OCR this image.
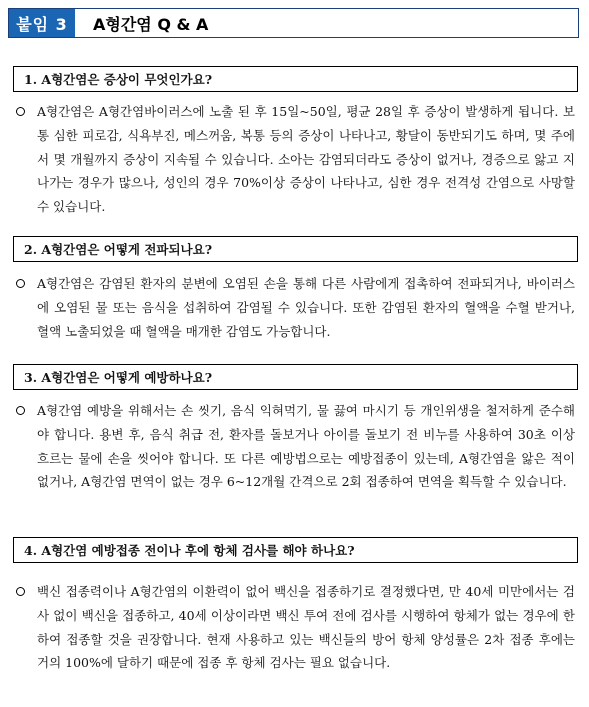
붙임 3	A형간염 Q & A
1. A형간염은 증상이 무엇인가요?
A형간염은 A형간염바이러스에 노출 된 후 15일~50일, 평균 28일 후 증상이 발생하게 됩니다. 보통 심한 피로감, 식욕부진, 메스꺼움, 복통 등의 증상이 나타나고, 황달이 동반되기도 하며, 몇 주에서 몇 개월까지 증상이 지속될 수 있습니다. 소아는 감염되더라도 증상이 없거나, 경증으로 앓고 지나가는 경우가 많으나, 성인의 경우 70%이상 증상이 나타나고, 심한 경우 전격성 간염으로 사망할 수 있습니다.
2. A형간염은 어떻게 전파되나요?
A형간염은 감염된 환자의 분변에 오염된 손을 통해 다른 사람에게 접촉하여 전파되거나, 바이러스에 오염된 물 또는 음식을 섭취하여 감염될 수 있습니다. 또한 감염된 환자의 혈액을 수혈 받거나, 혈액 노출되었을 때 혈액을 매개한 감염도 가능합니다.
3. A형간염은 어떻게 예방하나요?
A형간염 예방을 위해서는 손 씻기, 음식 익혀먹기, 물 끓여 마시기 등 개인위생을 철저하게 준수해야 합니다. 용변 후, 음식 취급 전, 환자를 돌보거나 아이를 돌보기 전 비누를 사용하여 30초 이상 흐르는 물에 손을 씻어야 합니다. 또 다른 예방법으로는 예방접종이 있는데, A형간염을 앓은 적이 없거나, A형간염 면역이 없는 경우 6~12개월 간격으로 2회 접종하여 면역을 획득할 수 있습니다.
4. A형간염 예방접종 전이나 후에 항체 검사를 해야 하나요?
백신 접종력이나 A형간염의 이환력이 없어 백신을 접종하기로 결정했다면, 만 40세 미만에서는 검사 없이 백신을 접종하고, 40세 이상이라면 백신 투여 전에 검사를 시행하여 항체가 없는 경우에 한하여 접종할 것을 권장합니다. 현재 사용하고 있는 백신들의 방어 항체 양성률은 2차 접종 후에는 거의 100%에 달하기 때문에 접종 후 항체 검사는 필요 없습니다.
